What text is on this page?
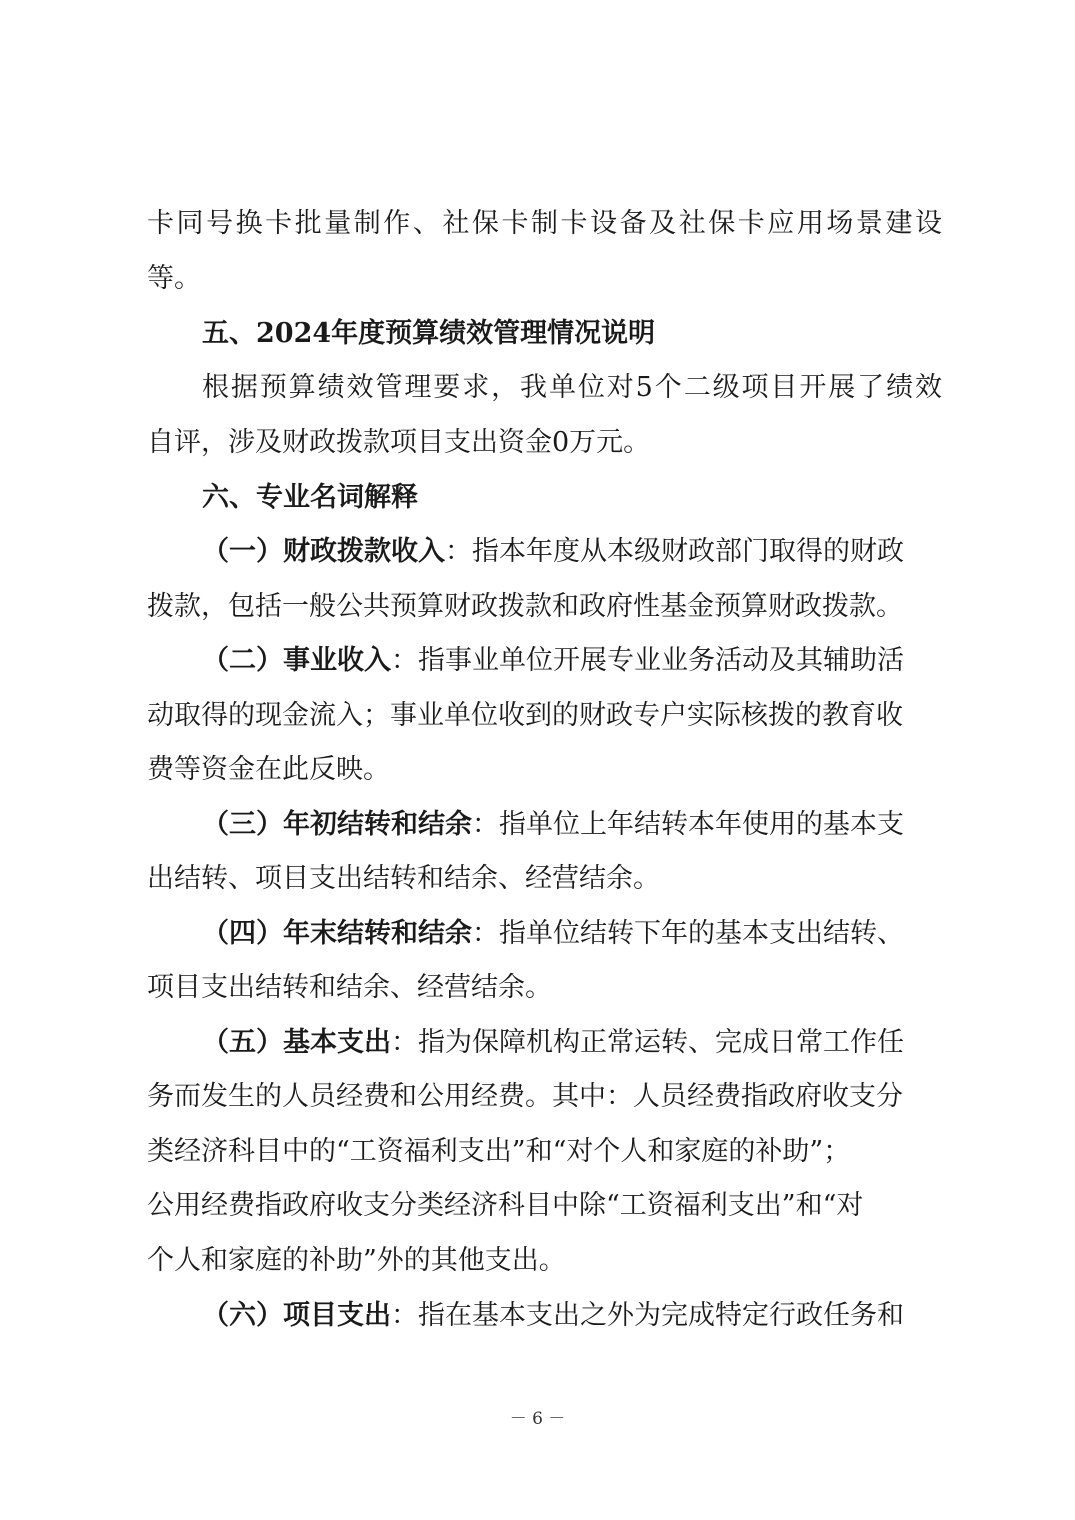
卡同号换卡批量制作、社保卡制卡设备及社保卡应用场景建设
等。
五、2024年度预算绩效管理情况说明
根据预算绩效管理要求，我单位对5个二级项目开展了绩效
自评，涉及财政拨款项目支出资金0万元。
六、专业名词解释
（一）财政拨款收入：指本年度从本级财政部门取得的财政
拨款，包括一般公共预算财政拨款和政府性基金预算财政拨款。
（二）事业收入：指事业单位开展专业业务活动及其辅助活
动取得的现金流入；事业单位收到的财政专户实际核拨的教育收
费等资金在此反映。
（三）年初结转和结余：指单位上年结转本年使用的基本支
出结转、项目支出结转和结余、经营结余。
（四）年末结转和结余：指单位结转下年的基本支出结转、
项目支出结转和结余、经营结余。
（五）基本支出：指为保障机构正常运转、完成日常工作任
务而发生的人员经费和公用经费。其中：人员经费指政府收支分
类经济科目中的“工资福利支出”和“对个人和家庭的补助”；
公用经费指政府收支分类经济科目中除“工资福利支出”和“对
个人和家庭的补助”外的其他支出。
（六）项目支出：指在基本支出之外为完成特定行政任务和
－ 6 －
